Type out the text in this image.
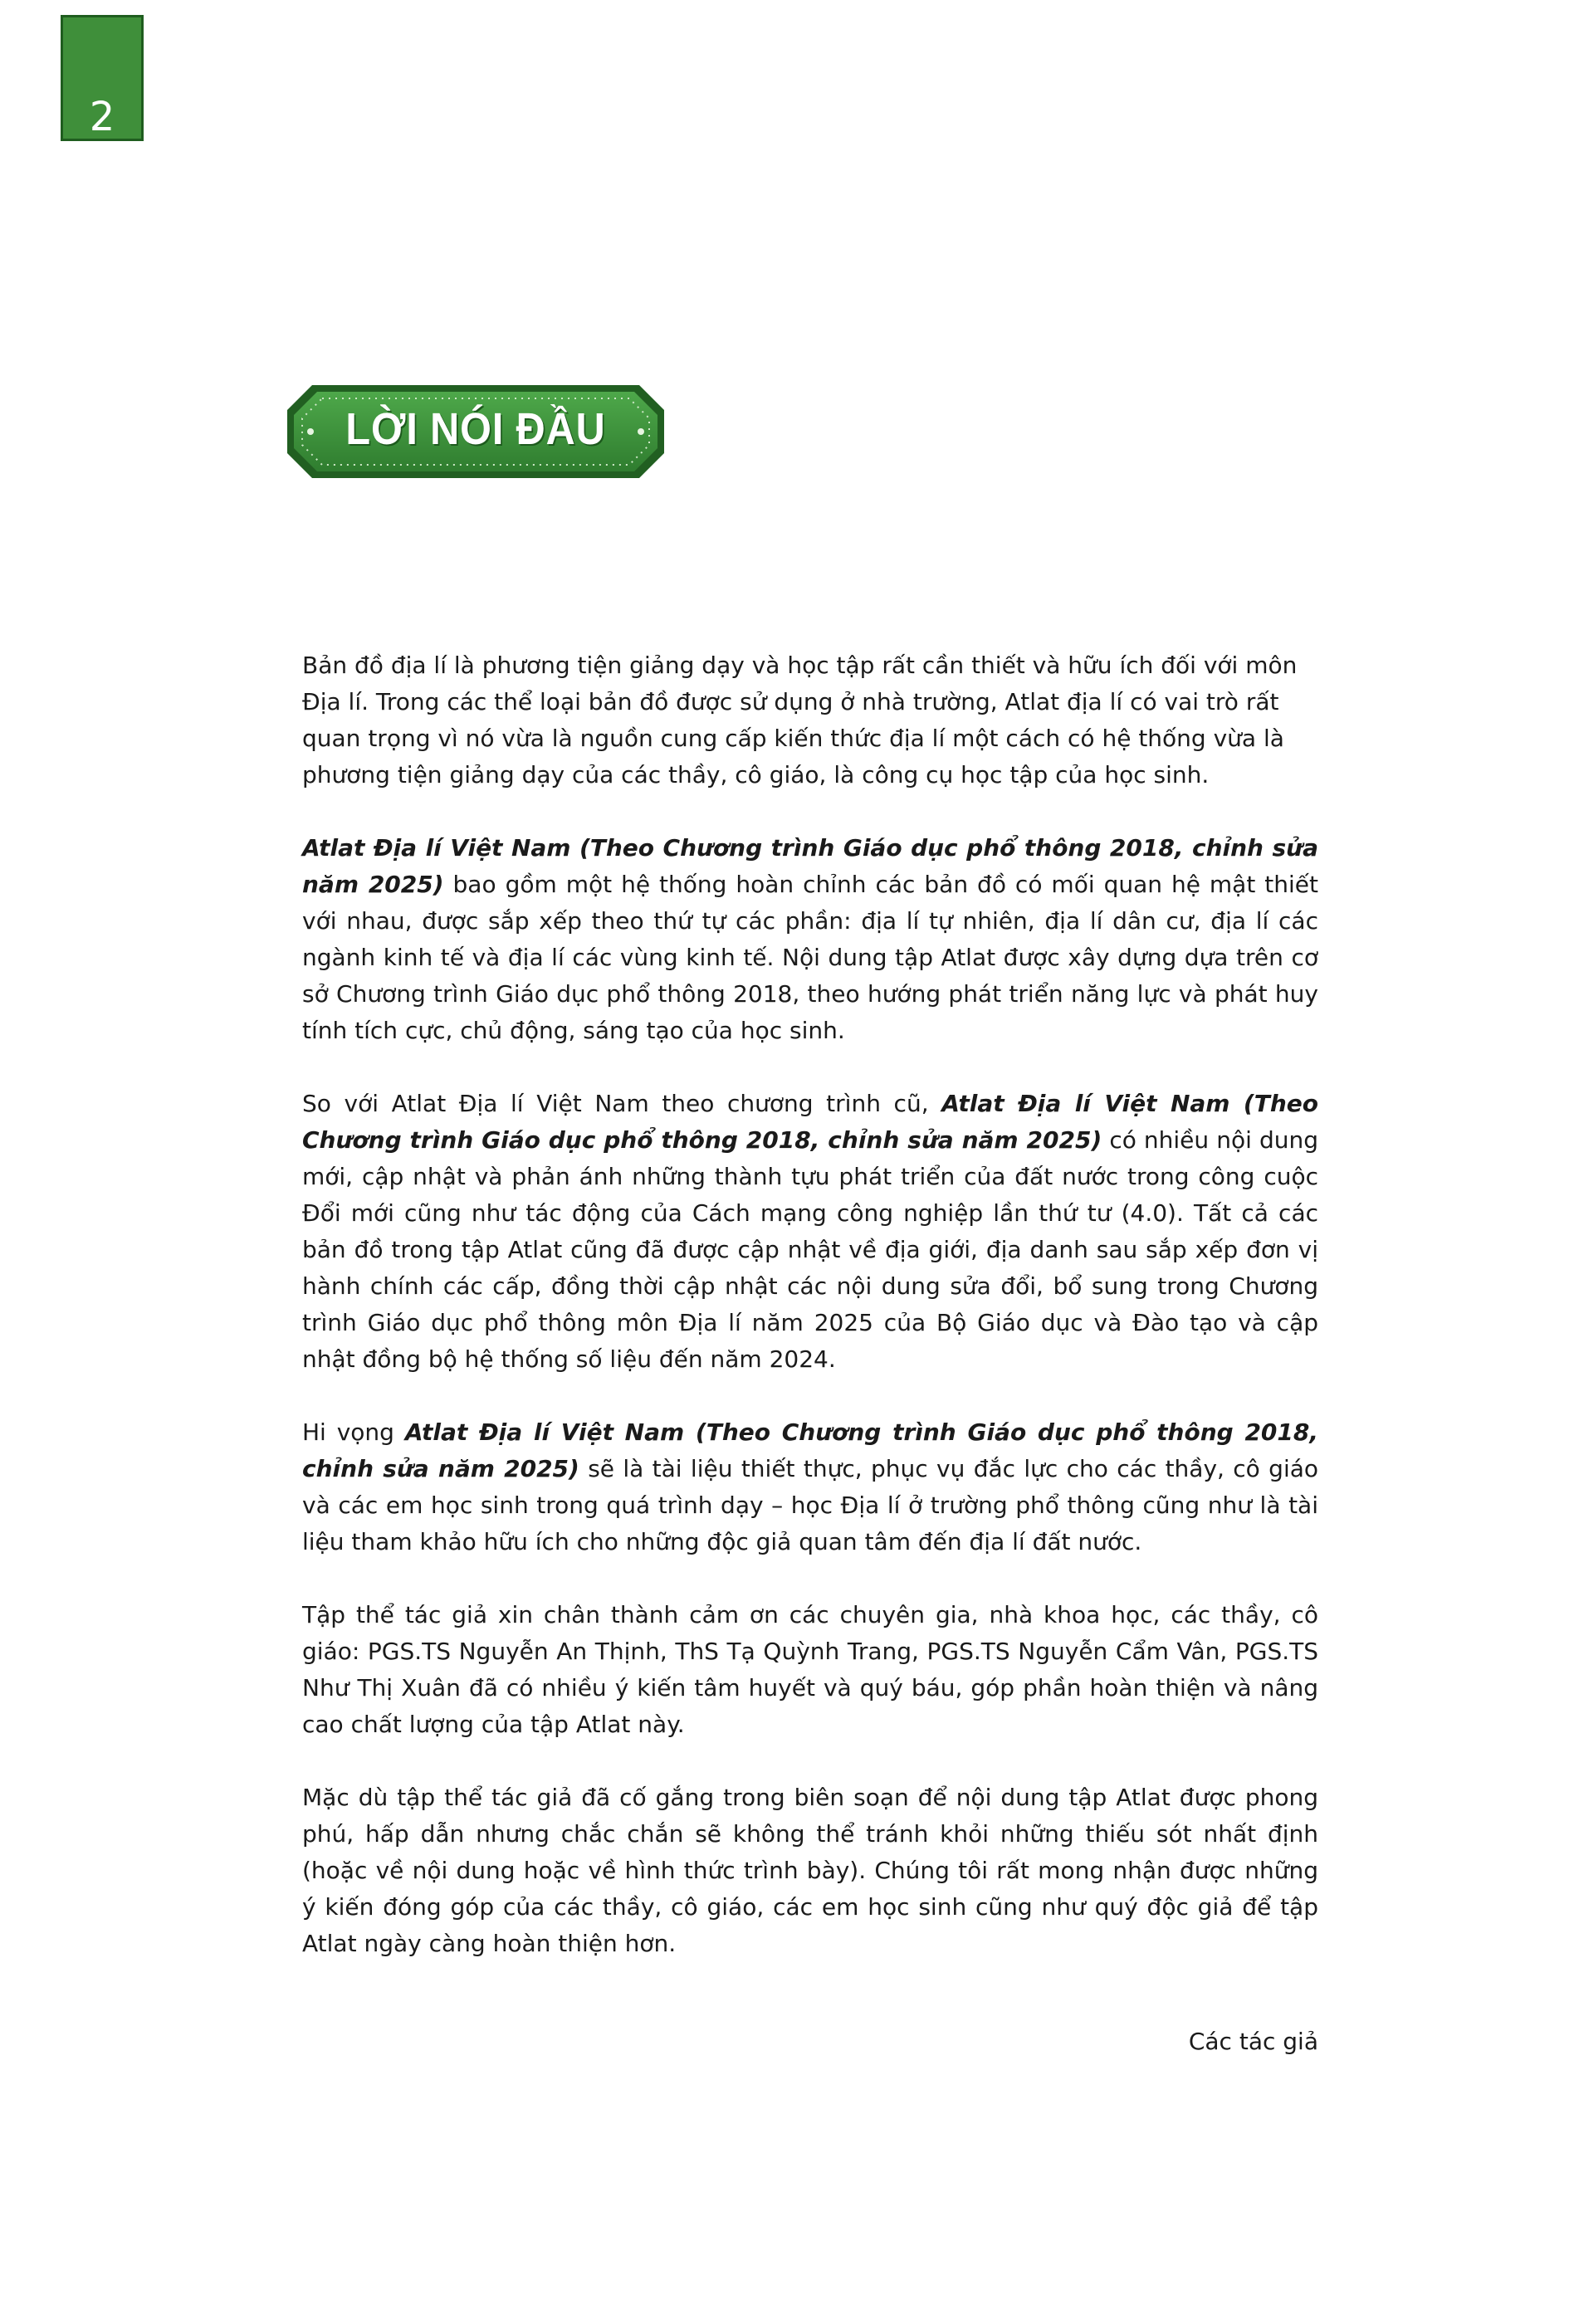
2
LỜI NÓI ĐẦU

Bản đồ địa lí là phương tiện giảng dạy và học tập rất cần thiết và hữu ích đối với môn Địa lí. Trong các thể loại bản đồ được sử dụng ở nhà trường, Atlat địa lí có vai trò rất quan trọng vì nó vừa là nguồn cung cấp kiến thức địa lí một cách có hệ thống vừa là phương tiện giảng dạy của các thầy, cô giáo, là công cụ học tập của học sinh.

Atlat Địa lí Việt Nam (Theo Chương trình Giáo dục phổ thông 2018, chỉnh sửa năm 2025) bao gồm một hệ thống hoàn chỉnh các bản đồ có mối quan hệ mật thiết với nhau, được sắp xếp theo thứ tự các phần: địa lí tự nhiên, địa lí dân cư, địa lí các ngành kinh tế và địa lí các vùng kinh tế. Nội dung tập Atlat được xây dựng dựa trên cơ sở Chương trình Giáo dục phổ thông 2018, theo hướng phát triển năng lực và phát huy tính tích cực, chủ động, sáng tạo của học sinh.

So với Atlat Địa lí Việt Nam theo chương trình cũ, Atlat Địa lí Việt Nam (Theo Chương trình Giáo dục phổ thông 2018, chỉnh sửa năm 2025) có nhiều nội dung mới, cập nhật và phản ánh những thành tựu phát triển của đất nước trong công cuộc Đổi mới cũng như tác động của Cách mạng công nghiệp lần thứ tư (4.0). Tất cả các bản đồ trong tập Atlat cũng đã được cập nhật về địa giới, địa danh sau sắp xếp đơn vị hành chính các cấp, đồng thời cập nhật các nội dung sửa đổi, bổ sung trong Chương trình Giáo dục phổ thông môn Địa lí năm 2025 của Bộ Giáo dục và Đào tạo và cập nhật đồng bộ hệ thống số liệu đến năm 2024.

Hi vọng Atlat Địa lí Việt Nam (Theo Chương trình Giáo dục phổ thông 2018, chỉnh sửa năm 2025) sẽ là tài liệu thiết thực, phục vụ đắc lực cho các thầy, cô giáo và các em học sinh trong quá trình dạy – học Địa lí ở trường phổ thông cũng như là tài liệu tham khảo hữu ích cho những độc giả quan tâm đến địa lí đất nước.

Tập thể tác giả xin chân thành cảm ơn các chuyên gia, nhà khoa học, các thầy, cô giáo: PGS.TS Nguyễn An Thịnh, ThS Tạ Quỳnh Trang, PGS.TS Nguyễn Cẩm Vân, PGS.TS Như Thị Xuân đã có nhiều ý kiến tâm huyết và quý báu, góp phần hoàn thiện và nâng cao chất lượng của tập Atlat này.

Mặc dù tập thể tác giả đã cố gắng trong biên soạn để nội dung tập Atlat được phong phú, hấp dẫn nhưng chắc chắn sẽ không thể tránh khỏi những thiếu sót nhất định (hoặc về nội dung hoặc về hình thức trình bày). Chúng tôi rất mong nhận được những ý kiến đóng góp của các thầy, cô giáo, các em học sinh cũng như quý độc giả để tập Atlat ngày càng hoàn thiện hơn.

Các tác giả
